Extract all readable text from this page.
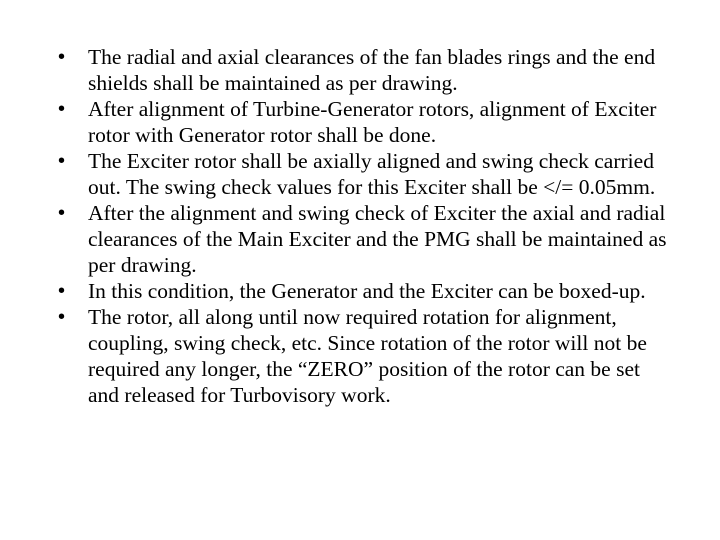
•	The radial and axial clearances of the fan blades rings and the end shields shall be maintained as per drawing.
•	After alignment of Turbine-Generator rotors, alignment of Exciter rotor with Generator rotor shall be done.
•	The Exciter rotor shall be axially aligned and swing check carried out. The swing check values for this Exciter shall be </= 0.05mm.
•	After the alignment and swing check of Exciter the axial and radial clearances of the Main Exciter and the PMG shall be maintained as per drawing.
•	In this condition, the Generator and the Exciter can be boxed-up.
•	The rotor, all along until now required rotation for alignment, coupling, swing check, etc. Since rotation of the rotor will not be required any longer, the “ZERO” position of the rotor can be set and released for Turbovisory work.
